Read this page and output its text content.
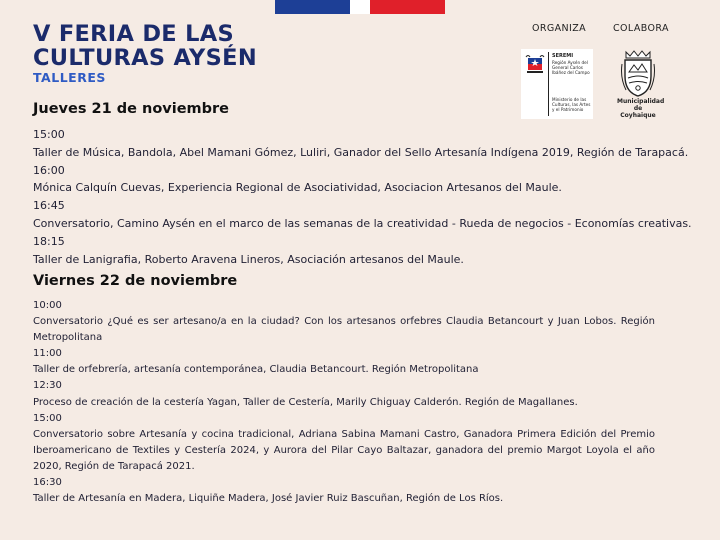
V FERIA DE LAS
CULTURAS AYSÉN
TALLERES
ORGANIZA	COLABORA
SEREMI
Región Aysén del General Carlos Ibáñez del Campo
Ministerio de las Culturas, las Artes y el Patrimonio
Municipalidad
de Coyhaique
Jueves 21 de noviembre
15:00
Taller de Música, Bandola, Abel Mamani Gómez, Luliri, Ganador del Sello Artesanía Indígena 2019, Región de Tarapacá.
16:00
Mónica Calquín Cuevas, Experiencia Regional de Asociatividad, Asociacion Artesanos del Maule.
16:45
Conversatorio, Camino Aysén en el marco de las semanas de la creatividad - Rueda de negocios - Economías creativas.
18:15
Taller de Lanigrafia, Roberto Aravena Lineros, Asociación artesanos del Maule.
Viernes 22 de noviembre
10:00
Conversatorio ¿Qué es ser artesano/a en la ciudad? Con los artesanos orfebres Claudia Betancourt y Juan Lobos. Región Metropolitana
11:00
Taller de orfebrería, artesanía contemporánea, Claudia Betancourt. Región Metropolitana
12:30
Proceso de creación de la cestería Yagan, Taller de Cestería, Marily Chiguay Calderón. Región de Magallanes.
15:00
Conversatorio sobre Artesanía y cocina tradicional, Adriana Sabina Mamani Castro, Ganadora Primera Edición del Premio Iberoamericano de Textiles y Cestería 2024, y Aurora del Pilar Cayo Baltazar, ganadora del premio Margot Loyola el año 2020, Región de Tarapacá 2021.
16:30
Taller de Artesanía en Madera, Liquiñe Madera, José Javier Ruiz Bascuñan, Región de Los Ríos.
